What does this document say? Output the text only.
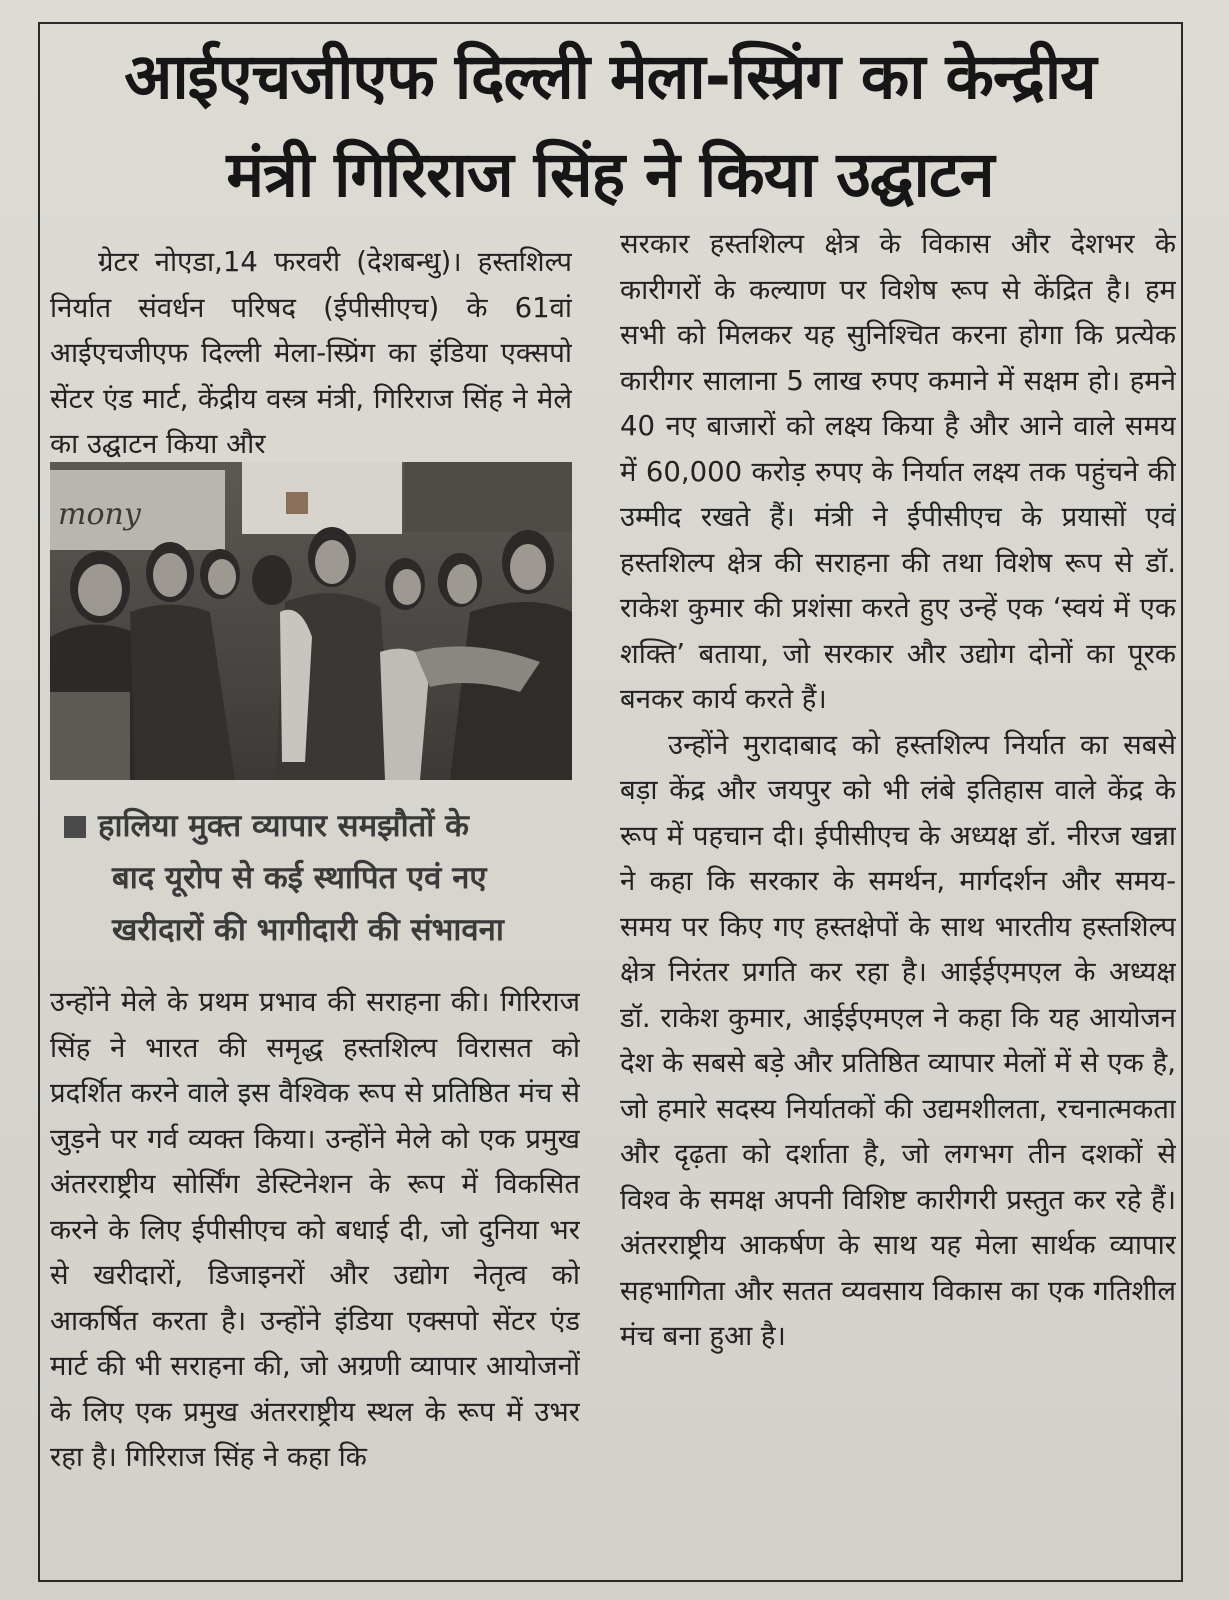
आईएचजीएफ दिल्ली मेला-स्प्रिंग का केन्द्रीय
मंत्री गिरिराज सिंह ने किया उद्घाटन

ग्रेटर नोएडा,14 फरवरी (देशबन्धु)। हस्तशिल्प निर्यात संवर्धन परिषद (ईपीसीएच) के 61वां आईएचजीएफ दिल्ली मेला-स्प्रिंग का इंडिया एक्सपो सेंटर एंड मार्ट, केंद्रीय वस्त्र मंत्री, गिरिराज सिंह ने मेले का उद्घाटन किया और

mony
हालिया मुक्त व्यापार समझौतों के
बाद यूरोप से कई स्थापित एवं नए
खरीदारों की भागीदारी की संभावना

उन्होंने मेले के प्रथम प्रभाव की सराहना की। गिरिराज सिंह ने भारत की समृद्ध हस्तशिल्प विरासत को प्रदर्शित करने वाले इस वैश्विक रूप से प्रतिष्ठित मंच से जुड़ने पर गर्व व्यक्त किया। उन्होंने मेले को एक प्रमुख अंतरराष्ट्रीय सोर्सिंग डेस्टिनेशन के रूप में विकसित करने के लिए ईपीसीएच को बधाई दी, जो दुनिया भर से खरीदारों, डिजाइनरों और उद्योग नेतृत्व को आकर्षित करता है। उन्होंने इंडिया एक्सपो सेंटर एंड मार्ट की भी सराहना की, जो अग्रणी व्यापार आयोजनों के लिए एक प्रमुख अंतरराष्ट्रीय स्थल के रूप में उभर रहा है। गिरिराज सिंह ने कहा कि

सरकार हस्तशिल्प क्षेत्र के विकास और देशभर के कारीगरों के कल्याण पर विशेष रूप से केंद्रित है। हम सभी को मिलकर यह सुनिश्चित करना होगा कि प्रत्येक कारीगर सालाना 5 लाख रुपए कमाने में सक्षम हो। हमने 40 नए बाजारों को लक्ष्य किया है और आने वाले समय में 60,000 करोड़ रुपए के निर्यात लक्ष्य तक पहुंचने की उम्मीद रखते हैं। मंत्री ने ईपीसीएच के प्रयासों एवं हस्तशिल्प क्षेत्र की सराहना की तथा विशेष रूप से डॉ. राकेश कुमार की प्रशंसा करते हुए उन्हें एक ‘स्वयं में एक शक्ति’ बताया, जो सरकार और उद्योग दोनों का पूरक बनकर कार्य करते हैं।

उन्होंने मुरादाबाद को हस्तशिल्प निर्यात का सबसे बड़ा केंद्र और जयपुर को भी लंबे इतिहास वाले केंद्र के रूप में पहचान दी। ईपीसीएच के अध्यक्ष डॉ. नीरज खन्ना ने कहा कि सरकार के समर्थन, मार्गदर्शन और समय-समय पर किए गए हस्तक्षेपों के साथ भारतीय हस्तशिल्प क्षेत्र निरंतर प्रगति कर रहा है। आईईएमएल के अध्यक्ष डॉ. राकेश कुमार, आईईएमएल ने कहा कि यह आयोजन देश के सबसे बड़े और प्रतिष्ठित व्यापार मेलों में से एक है, जो हमारे सदस्य निर्यातकों की उद्यमशीलता, रचनात्मकता और दृढ़ता को दर्शाता है, जो लगभग तीन दशकों से विश्व के समक्ष अपनी विशिष्ट कारीगरी प्रस्तुत कर रहे हैं। अंतरराष्ट्रीय आकर्षण के साथ यह मेला सार्थक व्यापार सहभागिता और सतत व्यवसाय विकास का एक गतिशील मंच बना हुआ है।
